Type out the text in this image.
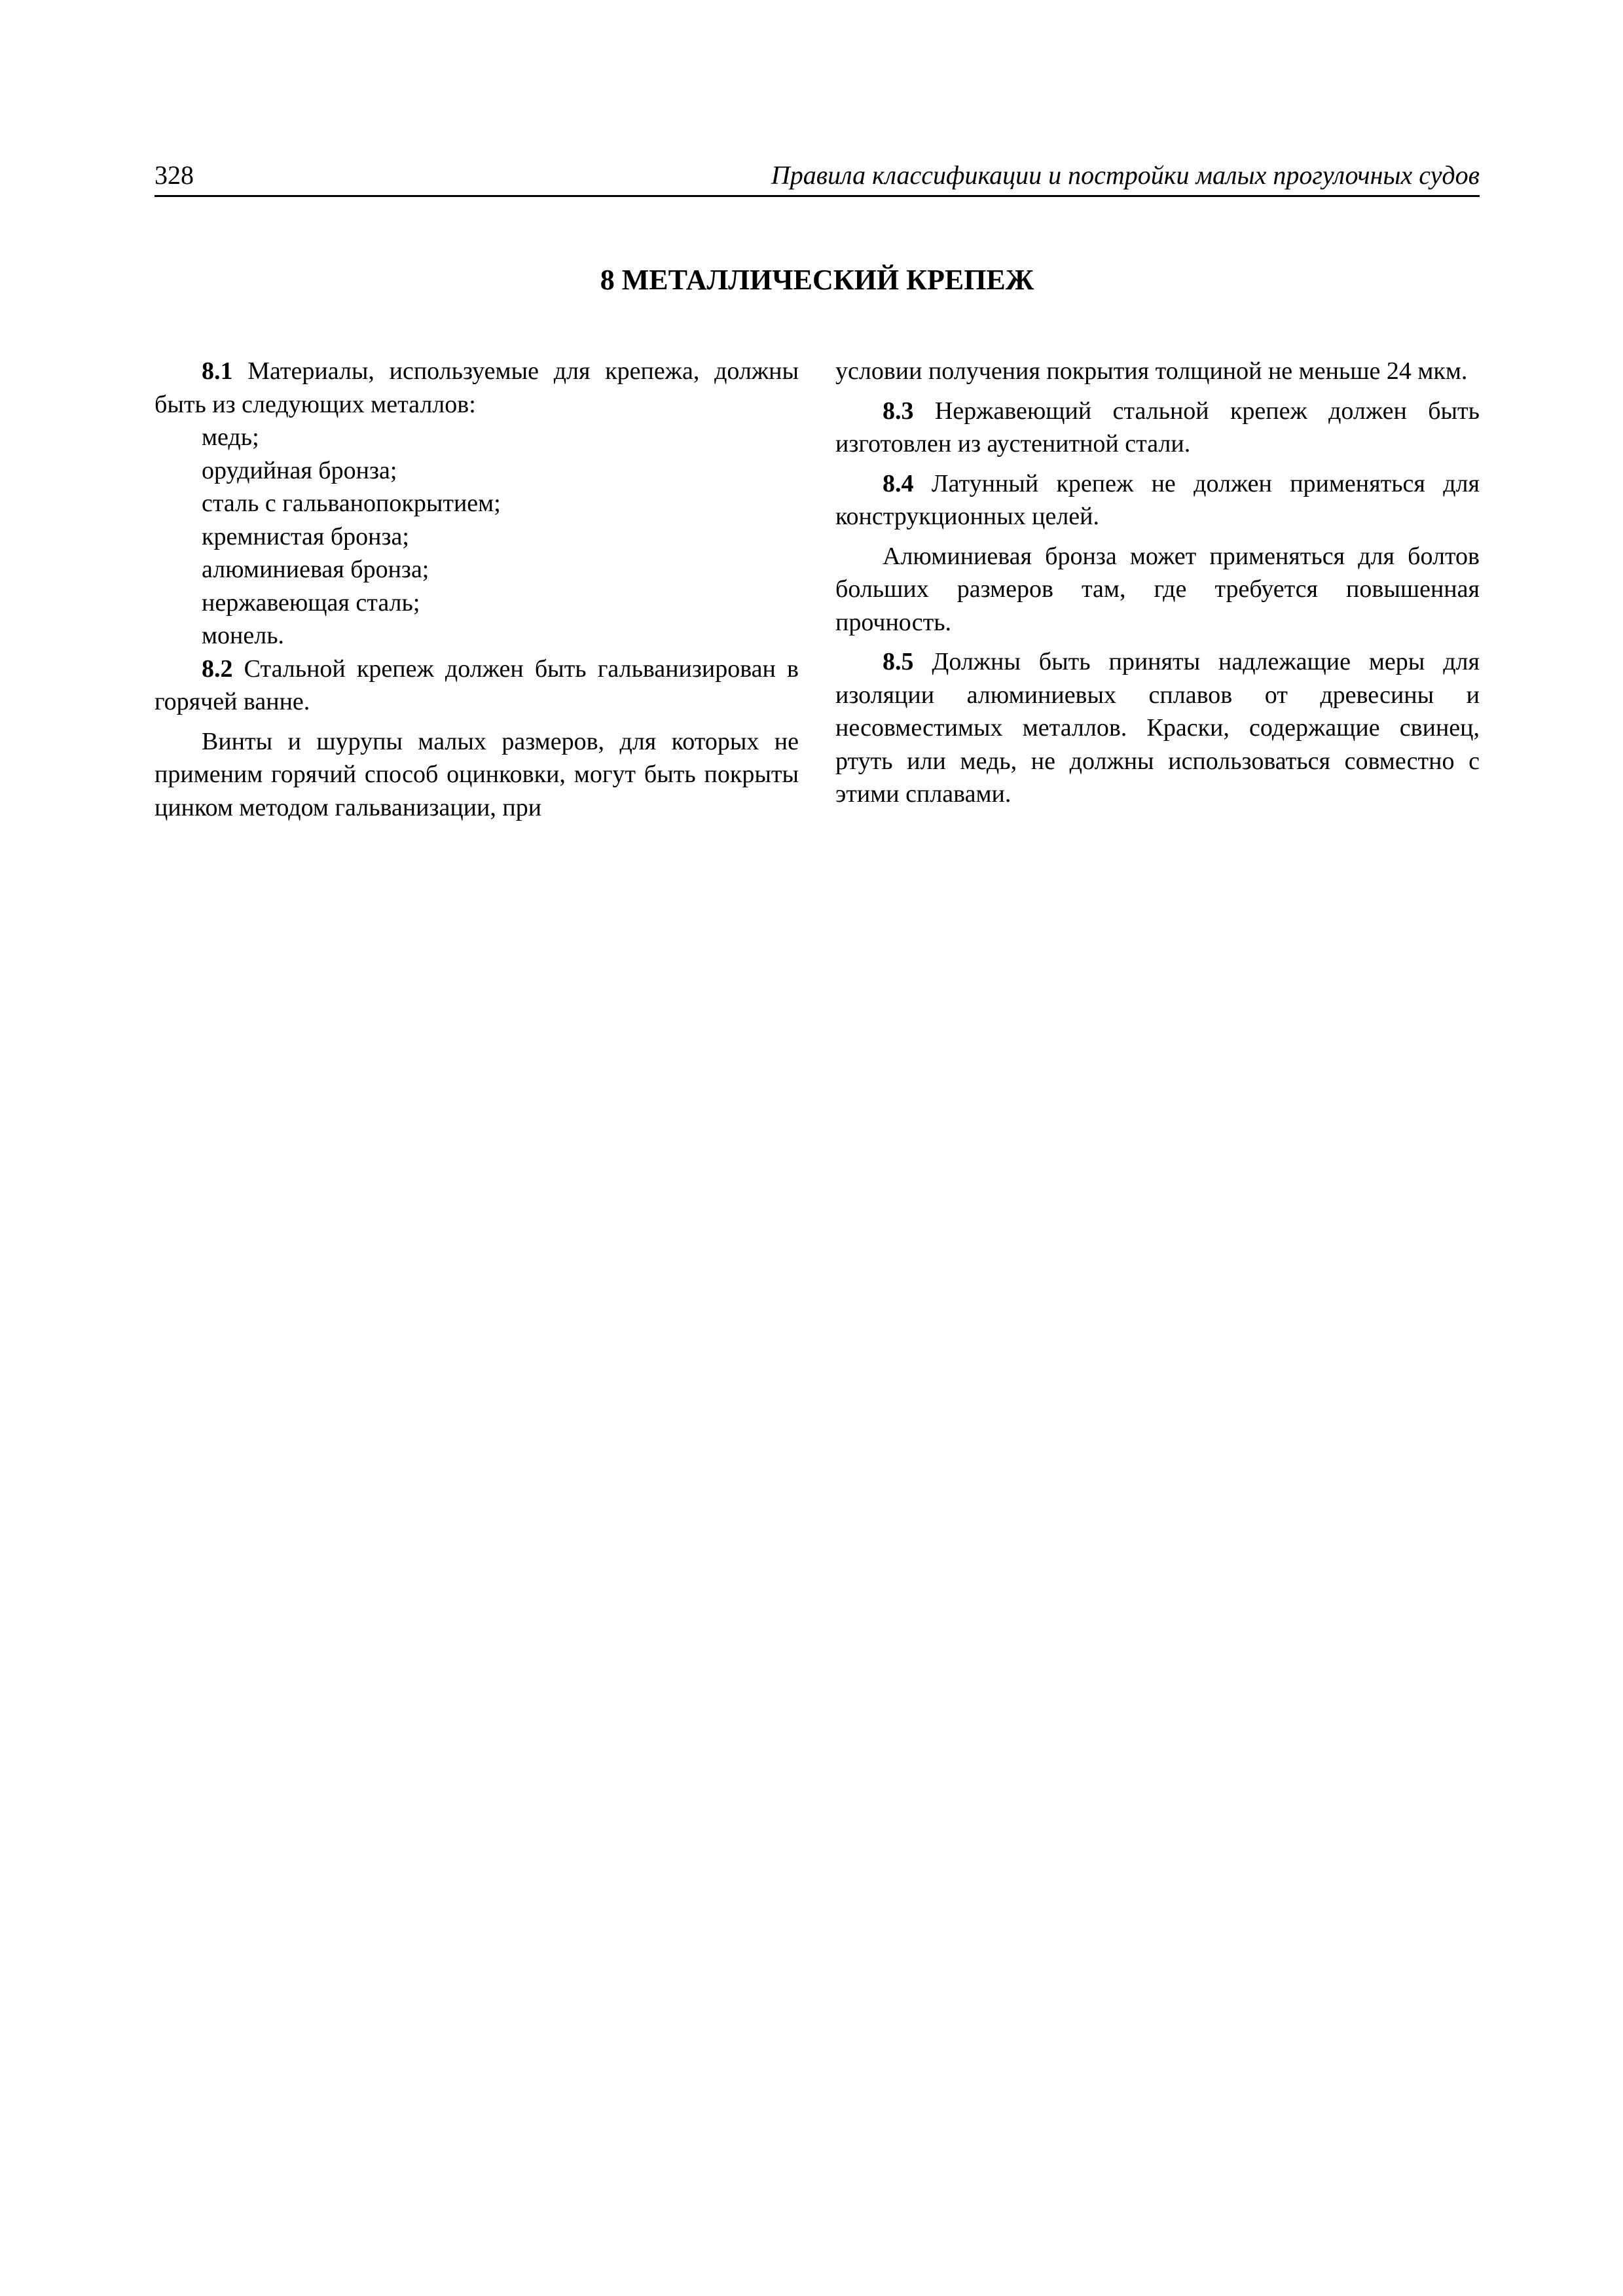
328	Правила классификации и постройки малых прогулочных судов
8 МЕТАЛЛИЧЕСКИЙ КРЕПЕЖ

8.1 Материалы, используемые для крепежа, должны быть из следующих металлов:

медь;

орудийная бронза;

сталь с гальванопокрытием;

кремнистая бронза;

алюминиевая бронза;

нержавеющая сталь;

монель.

8.2 Стальной крепеж должен быть гальванизирован в горячей ванне.

Винты и шурупы малых размеров, для которых не применим горячий способ оцинковки, могут быть покрыты цинком методом гальванизации, при

условии получения покрытия толщиной не меньше 24 мкм.

8.3 Нержавеющий стальной крепеж должен быть изготовлен из аустенитной стали.

8.4 Латунный крепеж не должен применяться для конструкционных целей.

Алюминиевая бронза может применяться для болтов больших размеров там, где требуется повышенная прочность.

8.5 Должны быть приняты надлежащие меры для изоляции алюминиевых сплавов от древесины и несовместимых металлов. Краски, содержащие свинец, ртуть или медь, не должны использоваться совместно с этими сплавами.
